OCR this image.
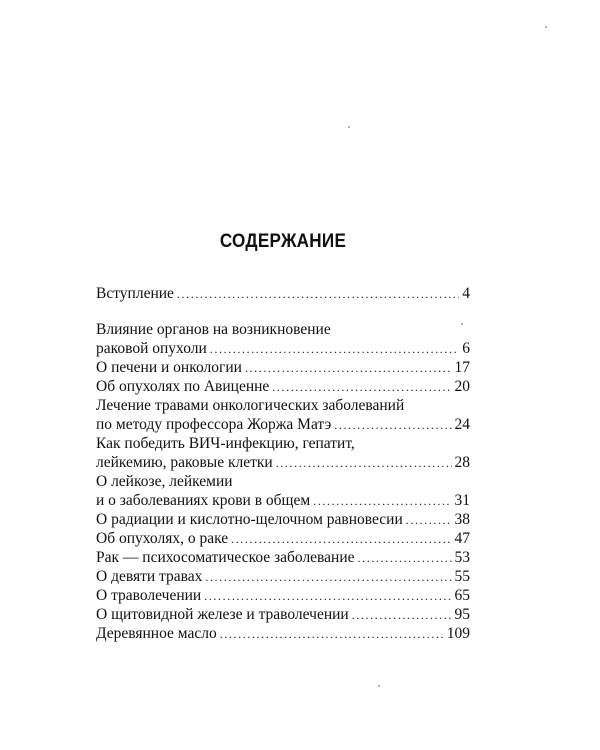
СОДЕРЖАНИЕ
Вступление .....	4
Влияние органов на возникновение
раковой опухоли .....	6
О печени и онкологии .....	17
Об опухолях по Авиценне .....	20
Лечение травами онкологических заболеваний
по методу профессора Жоржа Матэ .....	24
Как победить ВИЧ-инфекцию, гепатит,
лейкемию, раковые клетки .....	28
О лейкозе, лейкемии
и о заболеваниях крови в общем .....	31
О радиации и кислотно-щелочном равновесии .....	38
Об опухолях, о раке .....	47
Рак — психосоматическое заболевание .....	53
О девяти травах .....	55
О траволечении .....	65
О щитовидной железе и траволечении .....	95
Деревянное масло .....	109
